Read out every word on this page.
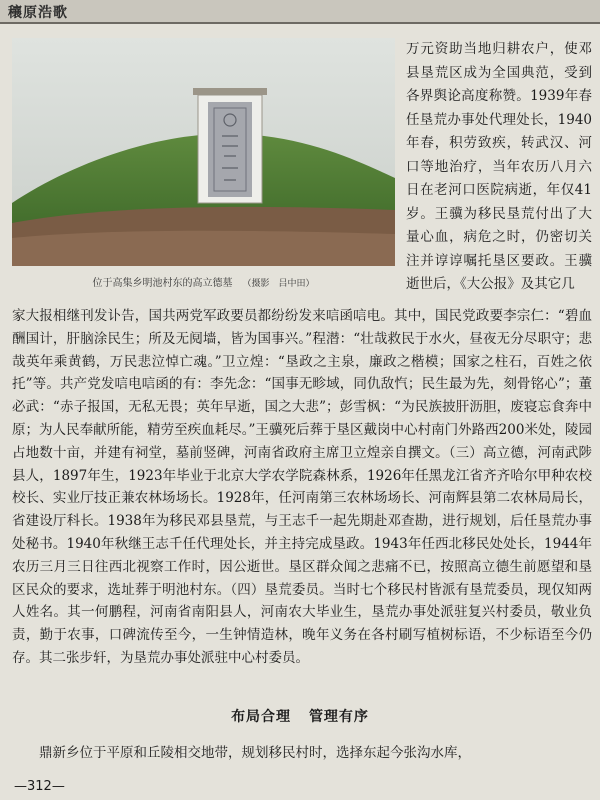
穰原浩歌
位于高集乡明池村东的高立德墓 （摄影　吕中田）
万元资助当地归耕农户，使邓县垦荒区成为全国典范，受到各界舆论高度称赞。1939年春任垦荒办事处代理处长，1940年春，积劳致疾，转武汉、河口等地治疗，当年农历八月六日在老河口医院病逝，年仅41岁。王骥为移民垦荒付出了大量心血，病危之时，仍密切关注并谆谆嘱托垦区要政。王骥逝世后，《大公报》及其它几
家大报相继刊发讣告，国共两党军政要员都纷纷发来唁函唁电。其中，国民党政要李宗仁：“碧血酬国计，肝脑涂民生；所及无阋墙，皆为国事兴。”程潜：“壮哉救民于水火，昼夜无分尽职守；悲哉英年乘黄鹤，万民悲泣悼亡魂。”卫立煌：“垦政之主泉，廉政之楷模；国家之柱石，百姓之依托”等。共产党发唁电唁函的有：李先念：“国事无畛域，同仇敌忾；民生最为先，刻骨铭心”；董必武：“赤子报国，无私无畏；英年早逝，国之大悲”；彭雪枫：“为民族披肝沥胆，废寝忘食奔中原；为人民奉献所能，精劳至疾血耗尽。”王骥死后葬于垦区戴岗中心村南门外路西200米处，陵园占地数十亩，并建有祠堂，墓前竖碑，河南省政府主席卫立煌亲自撰文。（三）高立德，河南武陟县人，1897年生，1923年毕业于北京大学农学院森林系，1926年任黑龙江省齐齐哈尔甲种农校校长、实业厅技正兼农林场场长。1928年，任河南第三农林场场长、河南辉县第二农林局局长，省建设厅科长。1938年为移民邓县垦荒，与王志千一起先期赴邓查勘，进行规划，后任垦荒办事处秘书。1940年秋继王志千任代理处长，并主持完成垦政。1943年任西北移民处处长，1944年农历三月三日往西北视察工作时，因公逝世。垦区群众闻之悲痛不已，按照高立德生前愿望和垦区民众的要求，选址葬于明池村东。（四）垦荒委员。当时七个移民村皆派有垦荒委员，现仅知两人姓名。其一何鹏程，河南省南阳县人，河南农大毕业生，垦荒办事处派驻复兴村委员，敬业负责，勤于农事，口碑流传至今，一生钟情造林，晚年义务在各村刷写植树标语，不少标语至今仍存。其二张步轩，为垦荒办事处派驻中心村委员。
布局合理 管理有序
鼎新乡位于平原和丘陵相交地带，规划移民村时，选择东起今张沟水库，
—312—
